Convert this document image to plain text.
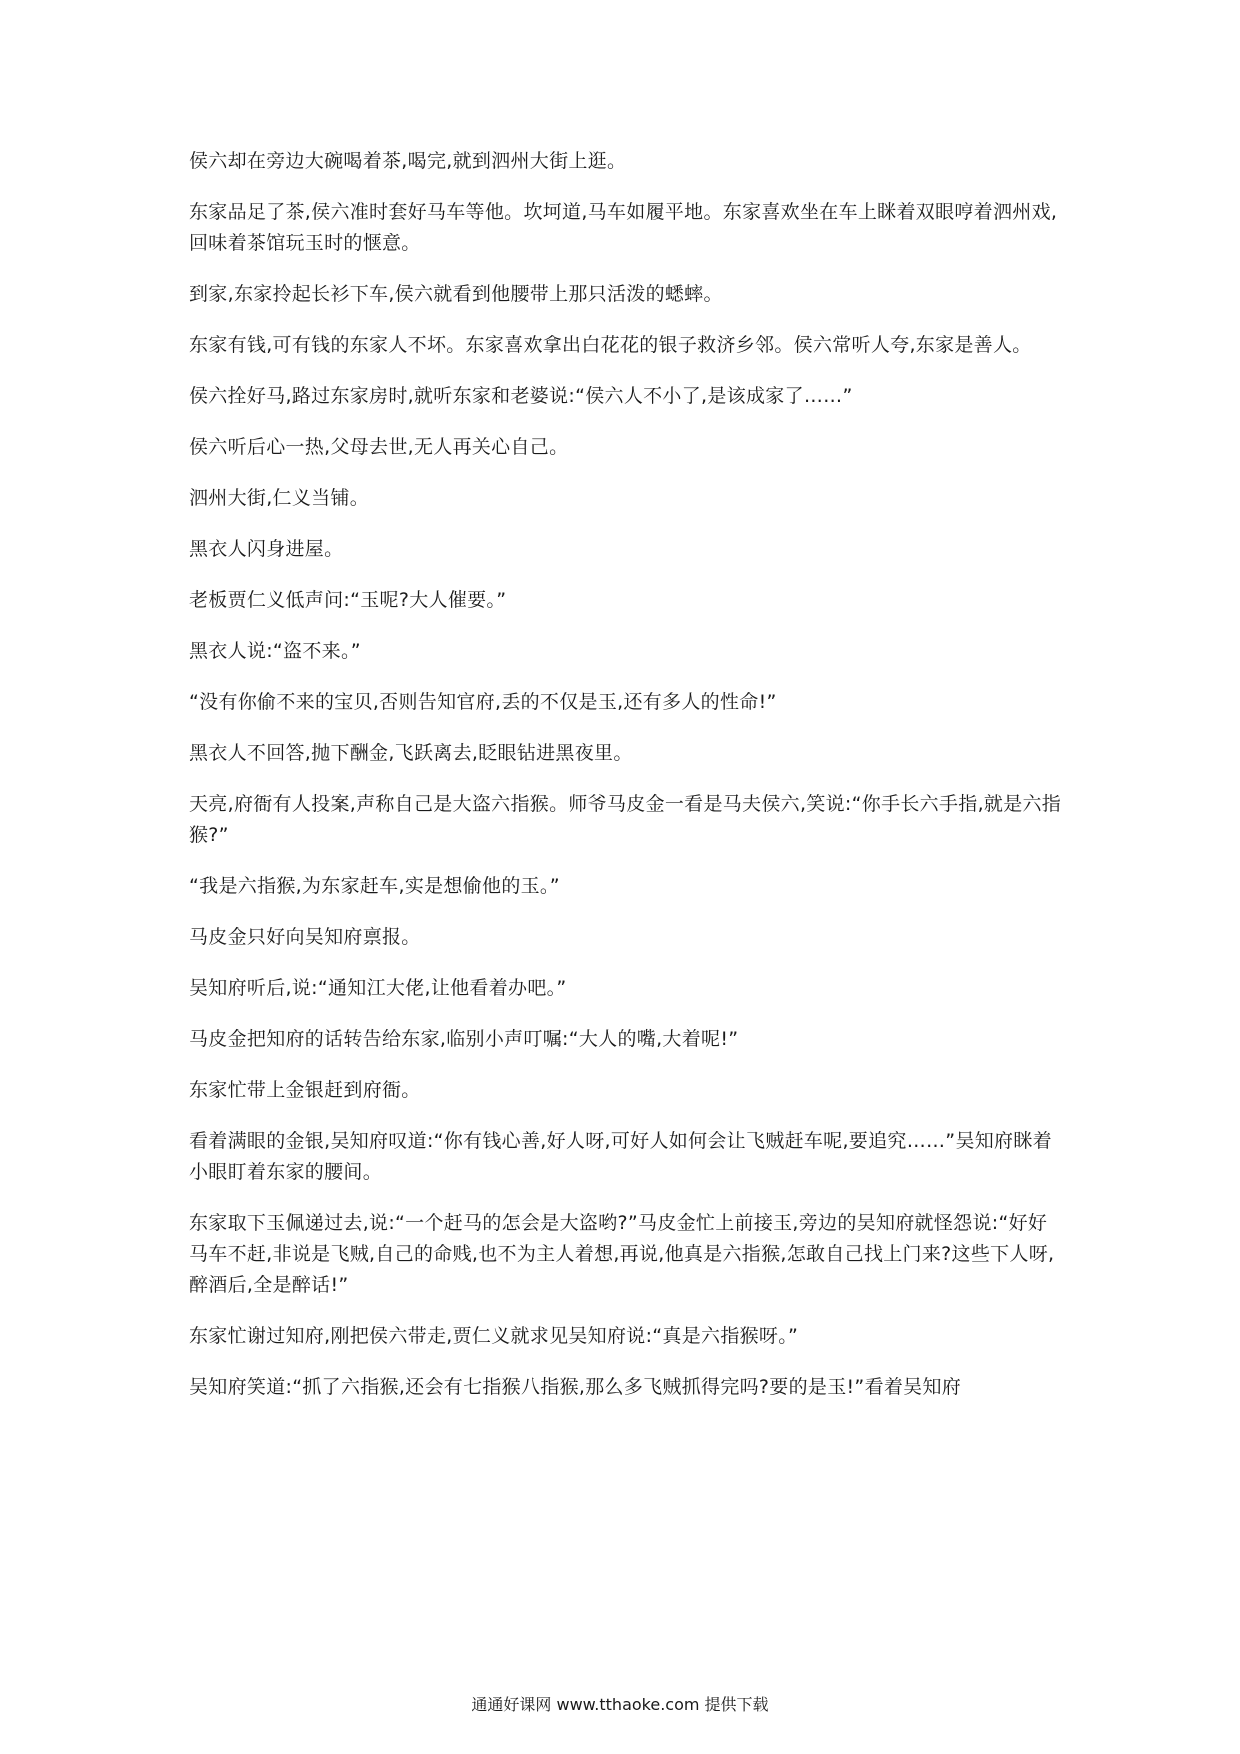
侯六却在旁边大碗喝着茶,喝完,就到泗州大街上逛。

东家品足了茶,侯六准时套好马车等他。坎坷道,马车如履平地。东家喜欢坐在车上眯着双眼哼着泗州戏,回味着茶馆玩玉时的惬意。

到家,东家拎起长衫下车,侯六就看到他腰带上那只活泼的蟋蟀。

东家有钱,可有钱的东家人不坏。东家喜欢拿出白花花的银子救济乡邻。侯六常听人夸,东家是善人。

侯六拴好马,路过东家房时,就听东家和老婆说:“侯六人不小了,是该成家了……”

侯六听后心一热,父母去世,无人再关心自己。

泗州大街,仁义当铺。

黑衣人闪身进屋。

老板贾仁义低声问:“玉呢?大人催要。”

黑衣人说:“盗不来。”

“没有你偷不来的宝贝,否则告知官府,丢的不仅是玉,还有多人的性命!”

黑衣人不回答,抛下酬金,飞跃离去,眨眼钻进黑夜里。

天亮,府衙有人投案,声称自己是大盗六指猴。师爷马皮金一看是马夫侯六,笑说:“你手长六手指,就是六指猴?”

“我是六指猴,为东家赶车,实是想偷他的玉。”

马皮金只好向吴知府禀报。

吴知府听后,说:“通知江大佬,让他看着办吧。”

马皮金把知府的话转告给东家,临别小声叮嘱:“大人的嘴,大着呢!”

东家忙带上金银赶到府衙。

看着满眼的金银,吴知府叹道:“你有钱心善,好人呀,可好人如何会让飞贼赶车呢,要追究……”吴知府眯着小眼盯着东家的腰间。

东家取下玉佩递过去,说:“一个赶马的怎会是大盗哟?”马皮金忙上前接玉,旁边的吴知府就怪怨说:“好好马车不赶,非说是飞贼,自己的命贱,也不为主人着想,再说,他真是六指猴,怎敢自己找上门来?这些下人呀,醉酒后,全是醉话!”

东家忙谢过知府,刚把侯六带走,贾仁义就求见吴知府说:“真是六指猴呀。”

吴知府笑道:“抓了六指猴,还会有七指猴八指猴,那么多飞贼抓得完吗?要的是玉!”看着吴知府

通通好课网 www.tthaoke.com 提供下载
